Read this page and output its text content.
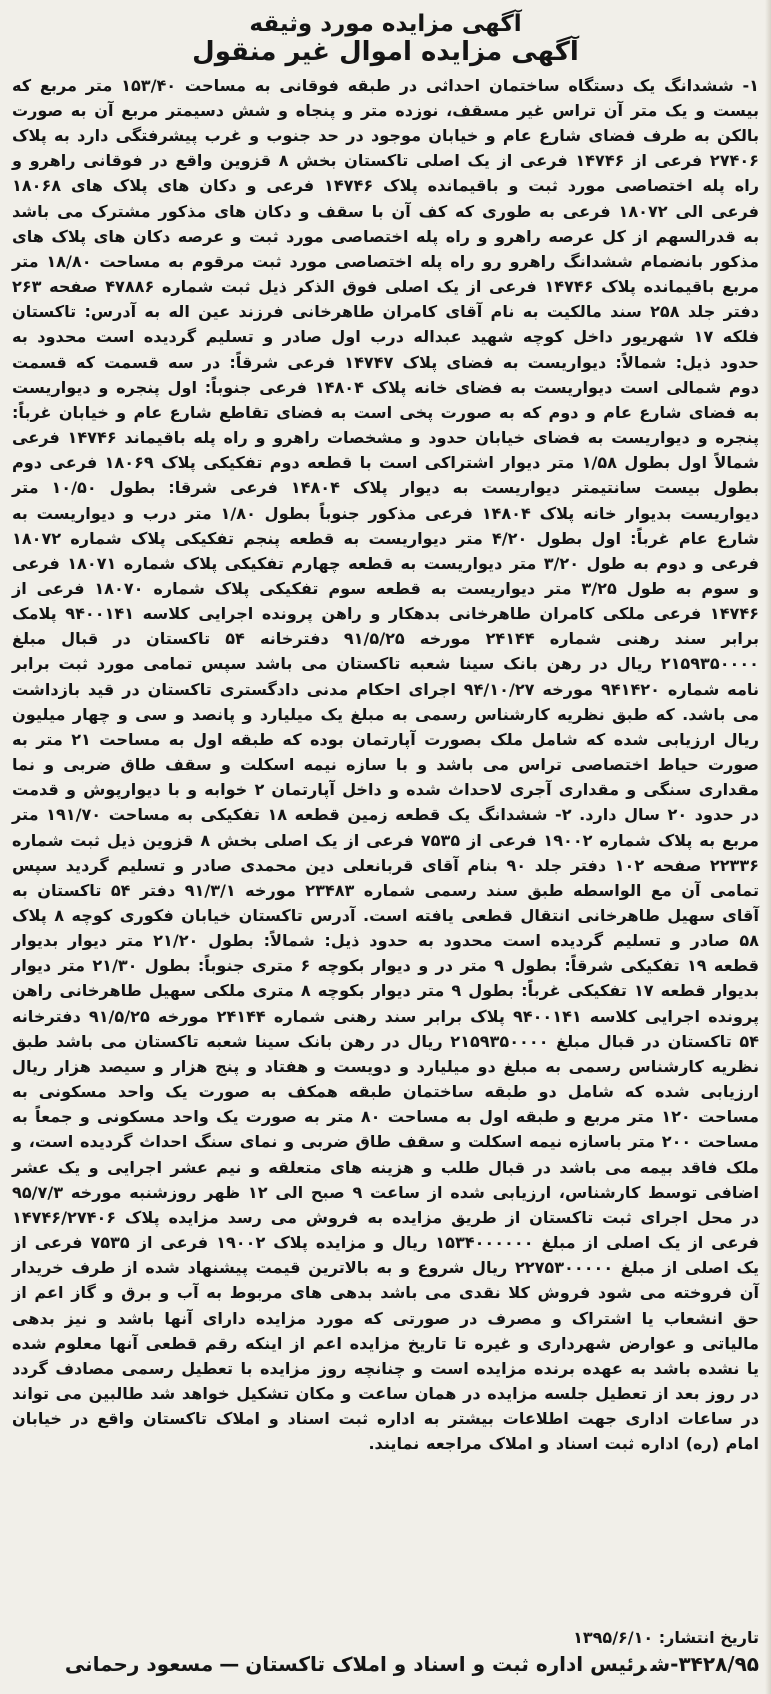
آگهی مزایده مورد وثیقه
آگهی مزایده اموال غیر منقول
۱- ششدانگ یک دستگاه ساختمان احداثی در طبقه فوقانی به مساحت ۱۵۳/۴۰ متر مربع که بیست و یک متر آن تراس غیر مسقف، نوزده متر و پنجاه و شش دسیمتر مربع آن به صورت بالکن به طرف فضای شارع عام و خیابان موجود در حد جنوب و غرب پیشرفتگی دارد به پلاک ۲۷۴۰۶ فرعی از ۱۴۷۴۶ فرعی از یک اصلی تاکستان بخش ۸ قزوین واقع در فوقانی راهرو و راه پله اختصاصی مورد ثبت و باقیمانده پلاک ۱۴۷۴۶ فرعی و دکان های پلاک های ۱۸۰۶۸ فرعی الی ۱۸۰۷۲ فرعی به طوری که کف آن با سقف و دکان های مذکور مشترک می باشد به قدرالسهم از کل عرصه راهرو و راه پله اختصاصی مورد ثبت و عرصه دکان های پلاک های مذکور بانضمام ششدانگ راهرو رو راه پله اختصاصی مورد ثبت مرقوم به مساحت ۱۸/۸۰ متر مربع باقیمانده پلاک ۱۴۷۴۶ فرعی از یک اصلی فوق الذکر ذیل ثبت شماره ۴۷۸۸۶ صفحه ۲۶۳ دفتر جلد ۲۵۸ سند مالکیت به نام آقای کامران طاهرخانی فرزند عین اله به آدرس: تاکستان فلکه ۱۷ شهریور داخل کوچه شهید عبداله درب اول صادر و تسلیم گردیده است محدود به حدود ذیل: شمالاً: دیواریست به فضای پلاک ۱۴۷۴۷ فرعی شرقاً: در سه قسمت که قسمت دوم شمالی است دیواریست به فضای خانه پلاک ۱۴۸۰۴ فرعی جنوباً: اول پنجره و دیواریست به فضای شارع عام و دوم که به صورت پخی است به فضای تقاطع شارع عام و خیابان غرباً: پنجره و دیواریست به فضای خیابان حدود و مشخصات راهرو و راه پله باقیماند ۱۴۷۴۶ فرعی شمالاً اول بطول ۱/۵۸ متر دیوار اشتراکی است با قطعه دوم تفکیکی پلاک ۱۸۰۶۹ فرعی دوم بطول بیست سانتیمتر دیواریست به دیوار پلاک ۱۴۸۰۴ فرعی شرقا: بطول ۱۰/۵۰ متر دیواریست بدیوار خانه پلاک ۱۴۸۰۴ فرعی مذکور جنوباً بطول ۱/۸۰ متر درب و دیواریست به شارع عام غرباً: اول بطول ۴/۲۰ متر دیواریست به قطعه پنجم تفکیکی پلاک شماره ۱۸۰۷۲ فرعی و دوم به طول ۳/۲۰ متر دیواریست به قطعه چهارم تفکیکی پلاک شماره ۱۸۰۷۱ فرعی و سوم به طول ۳/۲۵ متر دیواریست به قطعه سوم تفکیکی پلاک شماره ۱۸۰۷۰ فرعی از ۱۴۷۴۶ فرعی ملکی کامران طاهرخانی بدهکار و راهن پرونده اجرایی کلاسه ۹۴۰۰۱۴۱ پلامک برابر سند رهنی شماره ۲۴۱۴۴ مورخه ۹۱/۵/۲۵ دفترخانه ۵۴ تاکستان در قبال مبلغ ۲۱۵۹۳۵۰۰۰۰ ریال در رهن بانک سینا شعبه تاکستان می باشد سپس تمامی مورد ثبت برابر نامه شماره ۹۴۱۴۲۰ مورخه ۹۴/۱۰/۲۷ اجرای احکام مدنی دادگستری تاکستان در قید بازداشت می باشد. که طبق نظریه کارشناس رسمی به مبلغ یک میلیارد و پانصد و سی و چهار میلیون ریال ارزیابی شده که شامل ملک بصورت آپارتمان بوده که طبقه اول به مساحت ۲۱ متر به صورت حیاط اختصاصی تراس می باشد و با سازه نیمه اسکلت و سقف طاق ضربی و نما مقداری سنگی و مقداری آجری لاحداث شده و داخل آپارتمان ۲ خوابه و با دیوارپوش و قدمت در حدود ۲۰ سال دارد. ۲- ششدانگ یک قطعه زمین قطعه ۱۸ تفکیکی به مساحت ۱۹۱/۷۰ متر مربع به پلاک شماره ۱۹۰۰۲ فرعی از ۷۵۳۵ فرعی از یک اصلی بخش ۸ قزوین ذیل ثبت شماره ۲۲۳۳۶ صفحه ۱۰۲ دفتر جلد ۹۰ بنام آقای قربانعلی دین محمدی صادر و تسلیم گردید سپس تمامی آن مع الواسطه طبق سند رسمی شماره ۲۳۴۸۳ مورخه ۹۱/۳/۱ دفتر ۵۴ تاکستان به آقای سهیل طاهرخانی انتقال قطعی یافته است. آدرس تاکستان خیابان فکوری کوچه ۸ پلاک ۵۸ صادر و تسلیم گردیده است محدود به حدود ذیل: شمالاً: بطول ۲۱/۲۰ متر دیوار بدیوار قطعه ۱۹ تفکیکی شرقاً: بطول ۹ متر در و دیوار بکوچه ۶ متری جنوباً: بطول ۲۱/۳۰ متر دیوار بدیوار قطعه ۱۷ تفکیکی غرباً: بطول ۹ متر دیوار بکوچه ۸ متری ملکی سهیل طاهرخانی راهن پرونده اجرایی کلاسه ۹۴۰۰۱۴۱ پلاک برابر سند رهنی شماره ۲۴۱۴۴ مورخه ۹۱/۵/۲۵ دفترخانه ۵۴ تاکستان در قبال مبلغ ۲۱۵۹۳۵۰۰۰۰ ریال در رهن بانک سینا شعبه تاکستان می باشد طبق نظریه کارشناس رسمی به مبلغ دو میلیارد و دویست و هفتاد و پنج هزار و سیصد هزار ریال ارزیابی شده که شامل دو طبقه ساختمان طبقه همکف به صورت یک واحد مسکونی به مساحت ۱۲۰ متر مربع و طبقه اول به مساحت ۸۰ متر به صورت یک واحد مسکونی و جمعاً به مساحت ۲۰۰ متر باسازه نیمه اسکلت و سقف طاق ضربی و نمای سنگ احداث گردیده است، و ملک فاقد بیمه می باشد در قبال طلب و هزینه های متعلقه و نیم عشر اجرایی و یک عشر اضافی توسط کارشناس، ارزیابی شده از ساعت ۹ صبح الی ۱۲ ظهر روزشنبه مورخه ۹۵/۷/۳ در محل اجرای ثبت تاکستان از طریق مزایده به فروش می رسد مزایده پلاک ۱۴۷۴۶/۲۷۴۰۶ فرعی از یک اصلی از مبلغ ۱۵۳۴۰۰۰۰۰۰ ریال و مزایده پلاک ۱۹۰۰۲ فرعی از ۷۵۳۵ فرعی از یک اصلی از مبلغ ۲۲۷۵۳۰۰۰۰۰ ریال شروع و به بالاترین قیمت پیشنهاد شده از طرف خریدار آن فروخته می شود فروش کلا نقدی می باشد بدهی های مربوط به آب و برق و گاز اعم از حق انشعاب یا اشتراک و مصرف در صورتی که مورد مزایده دارای آنها باشد و نیز بدهی مالیاتی و عوارض شهرداری و غیره تا تاریخ مزایده اعم از اینکه رقم قطعی آنها معلوم شده یا نشده باشد به عهده برنده مزایده است و چنانچه روز مزایده با تعطیل رسمی مصادف گردد در روز بعد از تعطیل جلسه مزایده در همان ساعت و مکان تشکیل خواهد شد طالبین می تواند در ساعات اداری جهت اطلاعات بیشتر به اداره ثبت اسناد و املاک تاکستان واقع در خیابان امام (ره) اداره ثبت اسناد و املاک مراجعه نمایند.
تاریخ انتشار: ۱۳۹۵/۶/۱۰
۳۴۲۸/۹۵-شرئیس اداره ثبت و اسناد و املاک تاکستان—مسعود رحمانی
